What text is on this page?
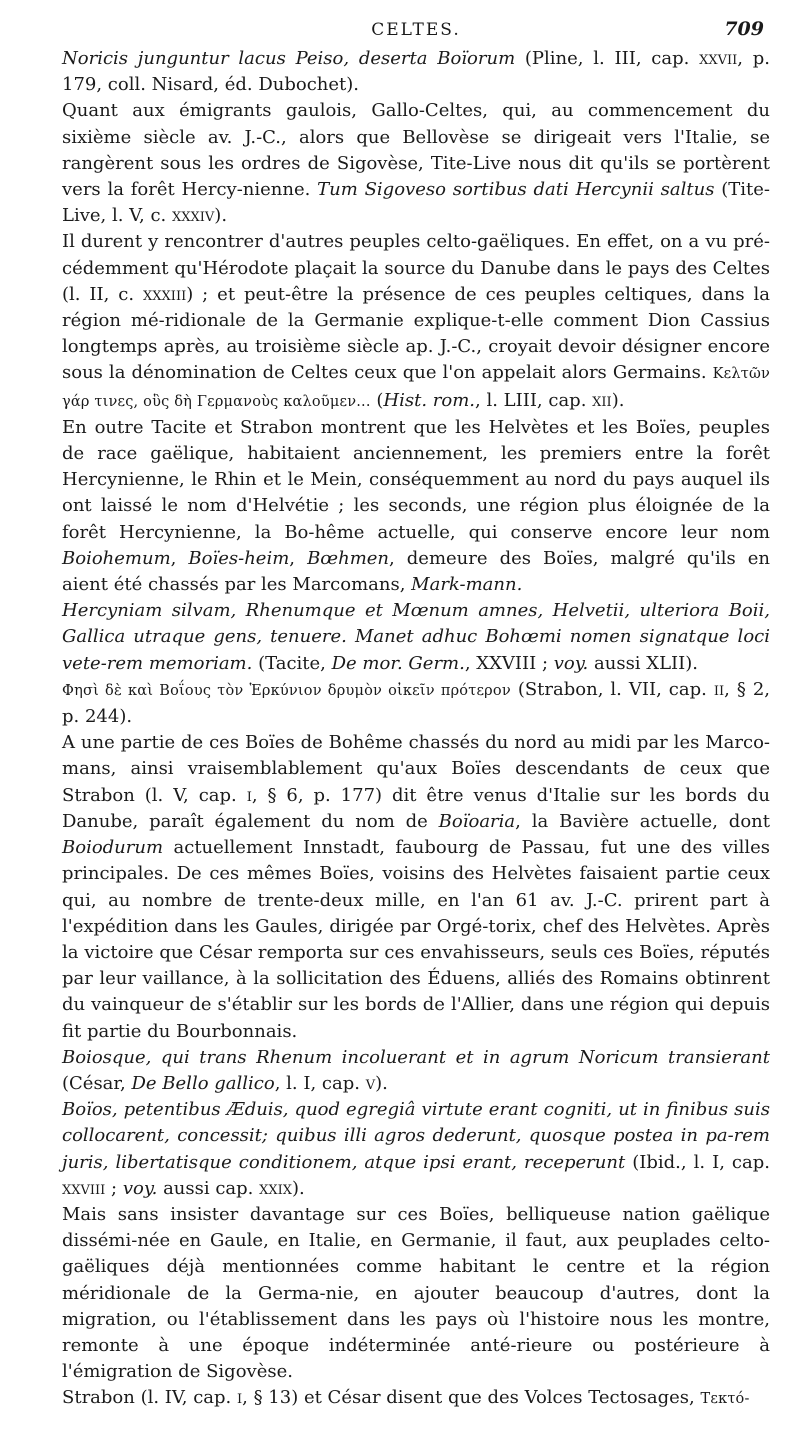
CELTES.	709

Noricis junguntur lacus Peiso, deserta Boïorum (Pline, l. III, cap. xxvii, p. 179, coll. Nisard, éd. Dubochet).

Quant aux émigrants gaulois, Gallo-Celtes, qui, au commencement du sixième siècle av. J.-C., alors que Bellovèse se dirigeait vers l'Italie, se rangèrent sous les ordres de Sigovèse, Tite-Live nous dit qu'ils se portèrent vers la forêt Hercy-nienne. Tum Sigoveso sortibus dati Hercynii saltus (Tite-Live, l. V, c. xxxiv).

Il durent y rencontrer d'autres peuples celto-gaëliques. En effet, on a vu pré-cédemment qu'Hérodote plaçait la source du Danube dans le pays des Celtes (l. II, c. xxxiii) ; et peut-être la présence de ces peuples celtiques, dans la région mé-ridionale de la Germanie explique-t-elle comment Dion Cassius longtemps après, au troisième siècle ap. J.-C., croyait devoir désigner encore sous la dénomination de Celtes ceux que l'on appelait alors Germains. Κελτῶν γάρ τινες, οὓς δὴ Γερμανοὺς καλοῦμεν... (Hist. rom., l. LIII, cap. xii).

En outre Tacite et Strabon montrent que les Helvètes et les Boïes, peuples de race gaëlique, habitaient anciennement, les premiers entre la forêt Hercynienne, le Rhin et le Mein, conséquemment au nord du pays auquel ils ont laissé le nom d'Helvétie ; les seconds, une région plus éloignée de la forêt Hercynienne, la Bo-hême actuelle, qui conserve encore leur nom Boiohemum, Boïes-heim, Bœhmen, demeure des Boïes, malgré qu'ils en aient été chassés par les Marcomans, Mark-mann.

Hercyniam silvam, Rhenumque et Mœnum amnes, Helvetii, ulteriora Boii, Gallica utraque gens, tenuere. Manet adhuc Bohœmi nomen signatque loci vete-rem memoriam. (Tacite, De mor. Germ., XXVIII ; voy. aussi XLII).

Φησὶ δὲ καὶ Βοΐους τὸν Ἑρκύνιον δρυμὸν οἰκεῖν πρότερον (Strabon, l. VII, cap. ii, § 2, p. 244).

A une partie de ces Boïes de Bohême chassés du nord au midi par les Marco-mans, ainsi vraisemblablement qu'aux Boïes descendants de ceux que Strabon (l. V, cap. i, § 6, p. 177) dit être venus d'Italie sur les bords du Danube, paraît également du nom de Boïoaria, la Bavière actuelle, dont Boiodurum actuellement Innstadt, faubourg de Passau, fut une des villes principales. De ces mêmes Boïes, voisins des Helvètes faisaient partie ceux qui, au nombre de trente-deux mille, en l'an 61 av. J.-C. prirent part à l'expédition dans les Gaules, dirigée par Orgé-torix, chef des Helvètes. Après la victoire que César remporta sur ces envahisseurs, seuls ces Boïes, réputés par leur vaillance, à la sollicitation des Éduens, alliés des Romains obtinrent du vainqueur de s'établir sur les bords de l'Allier, dans une région qui depuis fit partie du Bourbonnais.

Boiosque, qui trans Rhenum incoluerant et in agrum Noricum transierant (César, De Bello gallico, l. I, cap. v).

Boïos, petentibus Æduis, quod egregiâ virtute erant cogniti, ut in finibus suis collocarent, concessit; quibus illi agros dederunt, quosque postea in pa-rem juris, libertatisque conditionem, atque ipsi erant, receperunt (Ibid., l. I, cap. xxviii ; voy. aussi cap. xxix).

Mais sans insister davantage sur ces Boïes, belliqueuse nation gaëlique dissémi-née en Gaule, en Italie, en Germanie, il faut, aux peuplades celto-gaëliques déjà mentionnées comme habitant le centre et la région méridionale de la Germa-nie, en ajouter beaucoup d'autres, dont la migration, ou l'établissement dans les pays où l'histoire nous les montre, remonte à une époque indéterminée anté-rieure ou postérieure à l'émigration de Sigovèse.

Strabon (l. IV, cap. i, § 13) et César disent que des Volces Tectosages, Τεκτό-
